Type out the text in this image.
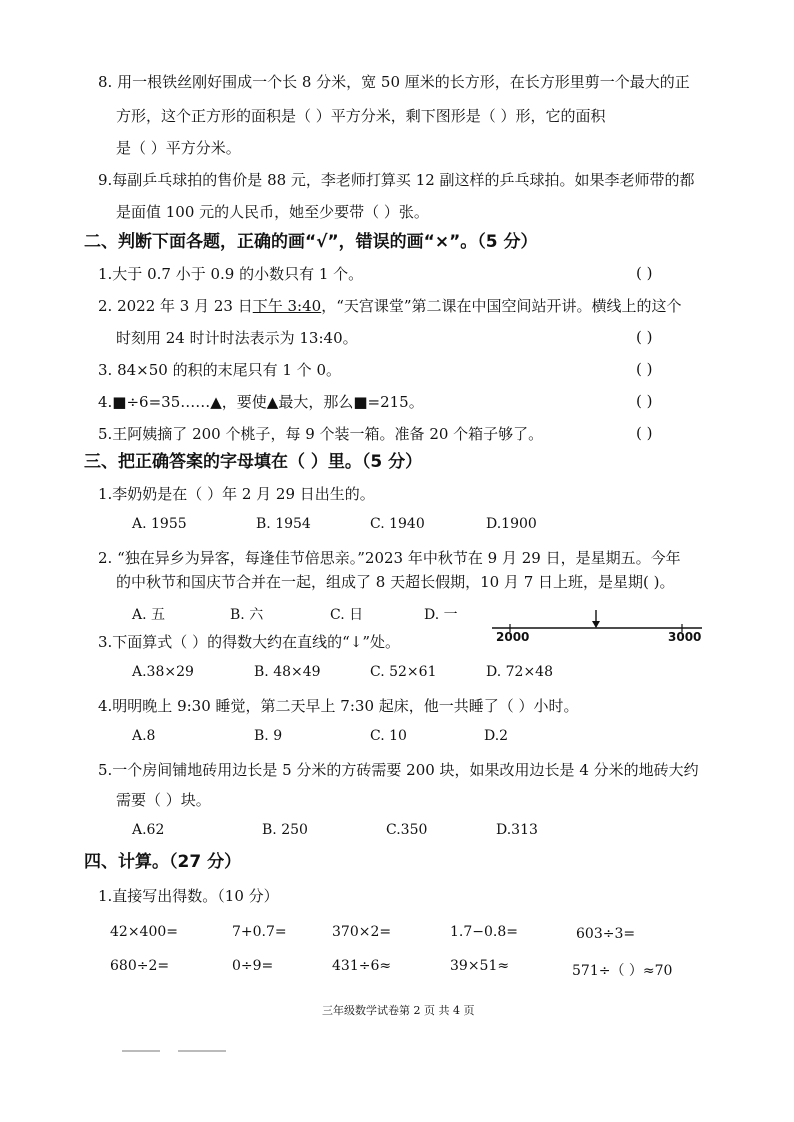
8. 用一根铁丝刚好围成一个长 8 分米，宽 50 厘米的长方形，在长方形里剪一个最大的正
方形，这个正方形的面积是（ ）平方分米，剩下图形是（ ）形，它的面积
是（ ）平方分米。
9.每副乒乓球拍的售价是 88 元，李老师打算买 12 副这样的乒乓球拍。如果李老师带的都
是面值 100 元的人民币，她至少要带（ ）张。
二、判断下面各题，正确的画“√”，错误的画“×”。（5 分）
1.大于 0.7 小于 0.9 的小数只有 1 个。	( )
2. 2022 年 3 月 23 日下午 3:40，“天宫课堂”第二课在中国空间站开讲。横线上的这个
时刻用 24 时计时法表示为 13:40。	( )
3. 84×50 的积的末尾只有 1 个 0。	( )
4.■÷6=35……▲，要使▲最大，那么■=215。	( )
5.王阿姨摘了 200 个桃子，每 9 个装一箱。准备 20 个箱子够了。	( )
三、把正确答案的字母填在（ ）里。（5 分）
1.李奶奶是在（ ）年 2 月 29 日出生的。
A. 1955	B. 1954	C. 1940	D.1900
2. “独在异乡为异客，每逢佳节倍思亲。”2023 年中秋节在 9 月 29 日，是星期五。今年
的中秋节和国庆节合并在一起，组成了 8 天超长假期，10 月 7 日上班，是星期( )。
A. 五	B. 六	C. 日	D. 一
3.下面算式（ ）的得数大约在直线的“↓”处。	2000	3000
A.38×29	B. 48×49	C. 52×61	D. 72×48
4.明明晚上 9:30 睡觉，第二天早上 7:30 起床，他一共睡了（ ）小时。
A.8	B. 9	C. 10	D.2
5.一个房间铺地砖用边长是 5 分米的方砖需要 200 块，如果改用边长是 4 分米的地砖大约
需要（ ）块。
A.62	B. 250	C.350	D.313
四、计算。（27 分）
1.直接写出得数。（10 分）
42×400=	7+0.7=	370×2=	1.7−0.8=	603÷3=
680÷2=	0÷9=	431÷6≈	39×51≈	571÷（ ）≈70
三年级数学试卷第 2 页 共 4 页
